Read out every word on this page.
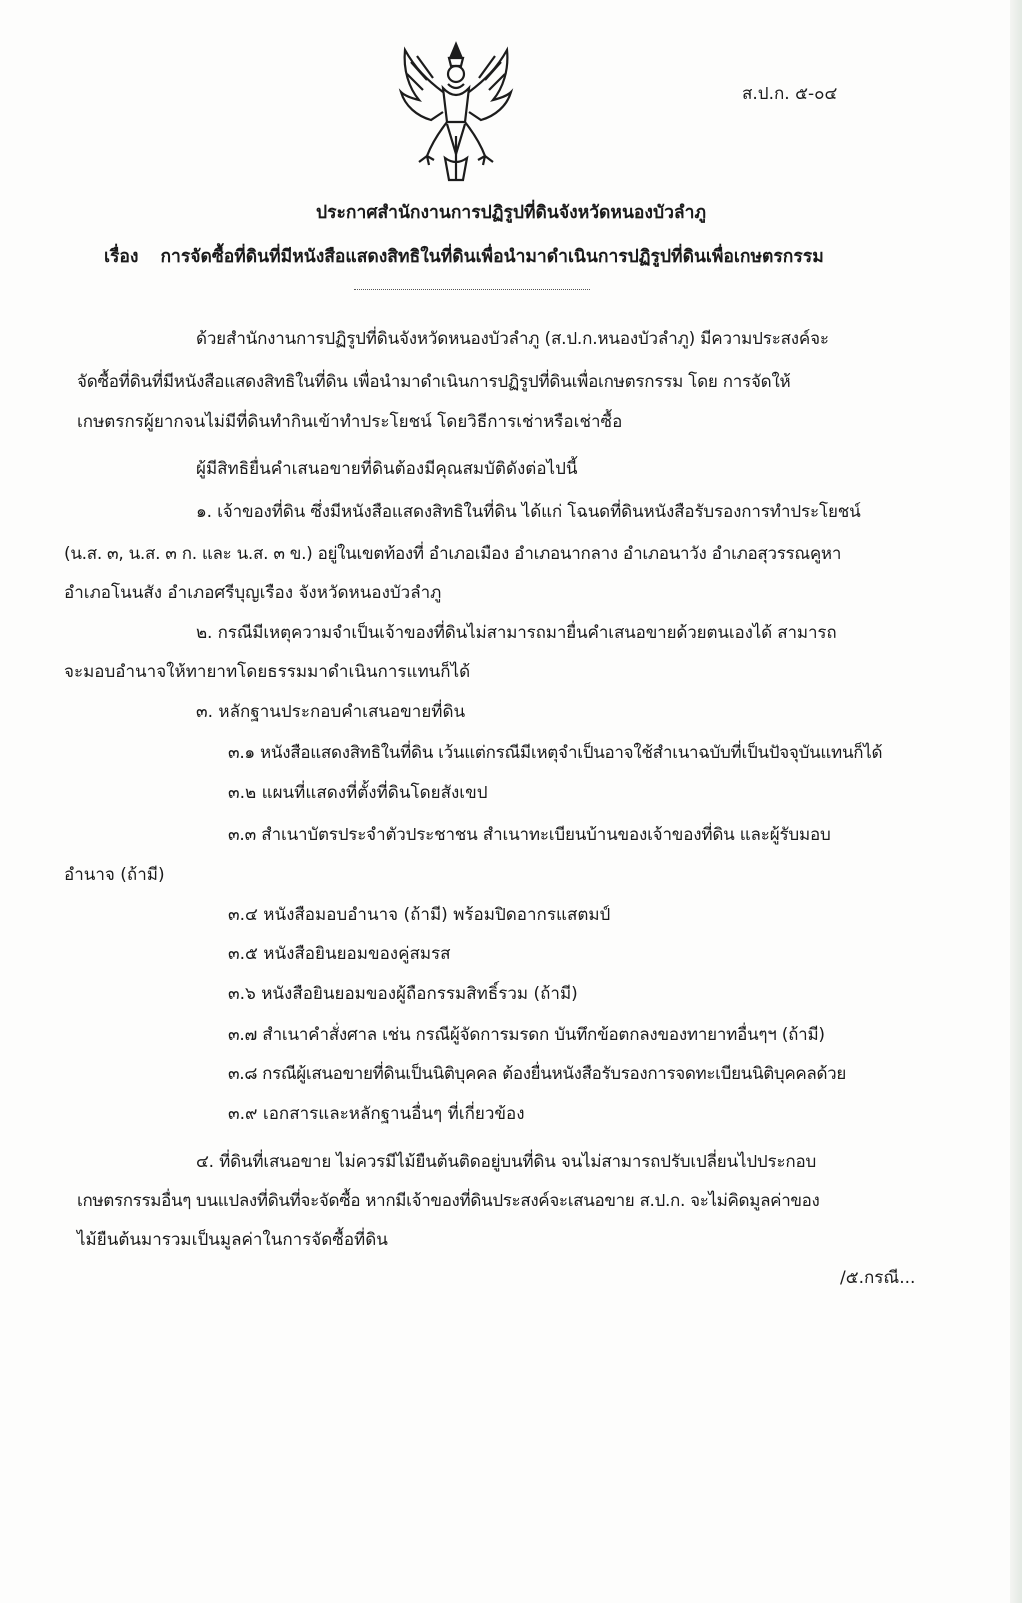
ส.ป.ก. ๕-๐๔
ประกาศสำนักงานการปฏิรูปที่ดินจังหวัดหนองบัวลำภู
เรื่อง การจัดซื้อที่ดินที่มีหนังสือแสดงสิทธิในที่ดินเพื่อนำมาดำเนินการปฏิรูปที่ดินเพื่อเกษตรกรรม
ด้วยสำนักงานการปฏิรูปที่ดินจังหวัดหนองบัวลำภู (ส.ป.ก.หนองบัวลำภู) มีความประสงค์จะ
จัดซื้อที่ดินที่มีหนังสือแสดงสิทธิในที่ดิน เพื่อนำมาดำเนินการปฏิรูปที่ดินเพื่อเกษตรกรรม โดย การจัดให้
เกษตรกรผู้ยากจนไม่มีที่ดินทำกินเข้าทำประโยชน์ โดยวิธีการเช่าหรือเช่าซื้อ
ผู้มีสิทธิยื่นคำเสนอขายที่ดินต้องมีคุณสมบัติดังต่อไปนี้
๑. เจ้าของที่ดิน ซึ่งมีหนังสือแสดงสิทธิในที่ดิน ได้แก่ โฉนดที่ดินหนังสือรับรองการทำประโยชน์
(น.ส. ๓, น.ส. ๓ ก. และ น.ส. ๓ ข.) อยู่ในเขตท้องที่ อำเภอเมือง อำเภอนากลาง อำเภอนาวัง อำเภอสุวรรณคูหา
อำเภอโนนสัง อำเภอศรีบุญเรือง จังหวัดหนองบัวลำภู
๒. กรณีมีเหตุความจำเป็นเจ้าของที่ดินไม่สามารถมายื่นคำเสนอขายด้วยตนเองได้ สามารถ
จะมอบอำนาจให้ทายาทโดยธรรมมาดำเนินการแทนก็ได้
๓. หลักฐานประกอบคำเสนอขายที่ดิน
๓.๑ หนังสือแสดงสิทธิในที่ดิน เว้นแต่กรณีมีเหตุจำเป็นอาจใช้สำเนาฉบับที่เป็นปัจจุบันแทนก็ได้
๓.๒ แผนที่แสดงที่ตั้งที่ดินโดยสังเขป
๓.๓ สำเนาบัตรประจำตัวประชาชน สำเนาทะเบียนบ้านของเจ้าของที่ดิน และผู้รับมอบ
อำนาจ (ถ้ามี)
๓.๔ หนังสือมอบอำนาจ (ถ้ามี) พร้อมปิดอากรแสตมป์
๓.๕ หนังสือยินยอมของคู่สมรส
๓.๖ หนังสือยินยอมของผู้ถือกรรมสิทธิ์รวม (ถ้ามี)
๓.๗ สำเนาคำสั่งศาล เช่น กรณีผู้จัดการมรดก บันทึกข้อตกลงของทายาทอื่นๆฯ (ถ้ามี)
๓.๘ กรณีผู้เสนอขายที่ดินเป็นนิติบุคคล ต้องยื่นหนังสือรับรองการจดทะเบียนนิติบุคคลด้วย
๓.๙ เอกสารและหลักฐานอื่นๆ ที่เกี่ยวข้อง
๔. ที่ดินที่เสนอขาย ไม่ควรมีไม้ยืนต้นติดอยู่บนที่ดิน จนไม่สามารถปรับเปลี่ยนไปประกอบ
เกษตรกรรมอื่นๆ บนแปลงที่ดินที่จะจัดซื้อ หากมีเจ้าของที่ดินประสงค์จะเสนอขาย ส.ป.ก. จะไม่คิดมูลค่าของ
ไม้ยืนต้นมารวมเป็นมูลค่าในการจัดซื้อที่ดิน
/๕.กรณี...
